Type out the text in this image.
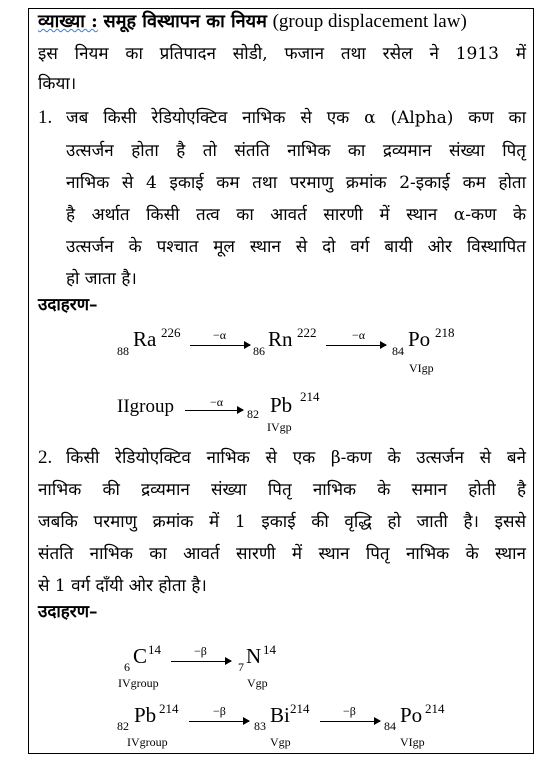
व्याख्या : समूह विस्थापन का नियम (group displacement law)
इस नियम का प्रतिपादन सोडी, फजान तथा रसेल ने 1913 में
किया।
1. जब किसी रेडियोएक्टिव नाभिक से एक α (Alpha) कण का
उत्सर्जन होता है तो संतति नाभिक का द्रव्यमान संख्या पितृ
नाभिक से 4 इकाई कम तथा परमाणु क्रमांक 2-इकाई कम होता
है अर्थात किसी तत्व का आवर्त सारणी में स्थान α-कण के
उत्सर्जन के पश्चात मूल स्थान से दो वर्ग बायी ओर विस्थापित
हो जाता है।
उदाहरण–
88 Ra 226	−α
86 Rn 222	−α
84 Po 218
VIgp
IIgroup	−α
82 Pb 214
IVgp
2. किसी रेडियोएक्टिव नाभिक से एक β-कण के उत्सर्जन से बने
नाभिक की द्रव्यमान संख्या पितृ नाभिक के समान होती है
जबकि परमाणु क्रमांक में 1 इकाई की वृद्धि हो जाती है। इससे
संतति नाभिक का आवर्त सारणी में स्थान पितृ नाभिक के स्थान
से 1 वर्ग दाँयी ओर होता है।
उदाहरण–
6 C 14
IVgroup
−β
7 N 14
Vgp
82 Pb 214
IVgroup
−β
83 Bi 214
Vgp
−β
84 Po 214
VIgp
